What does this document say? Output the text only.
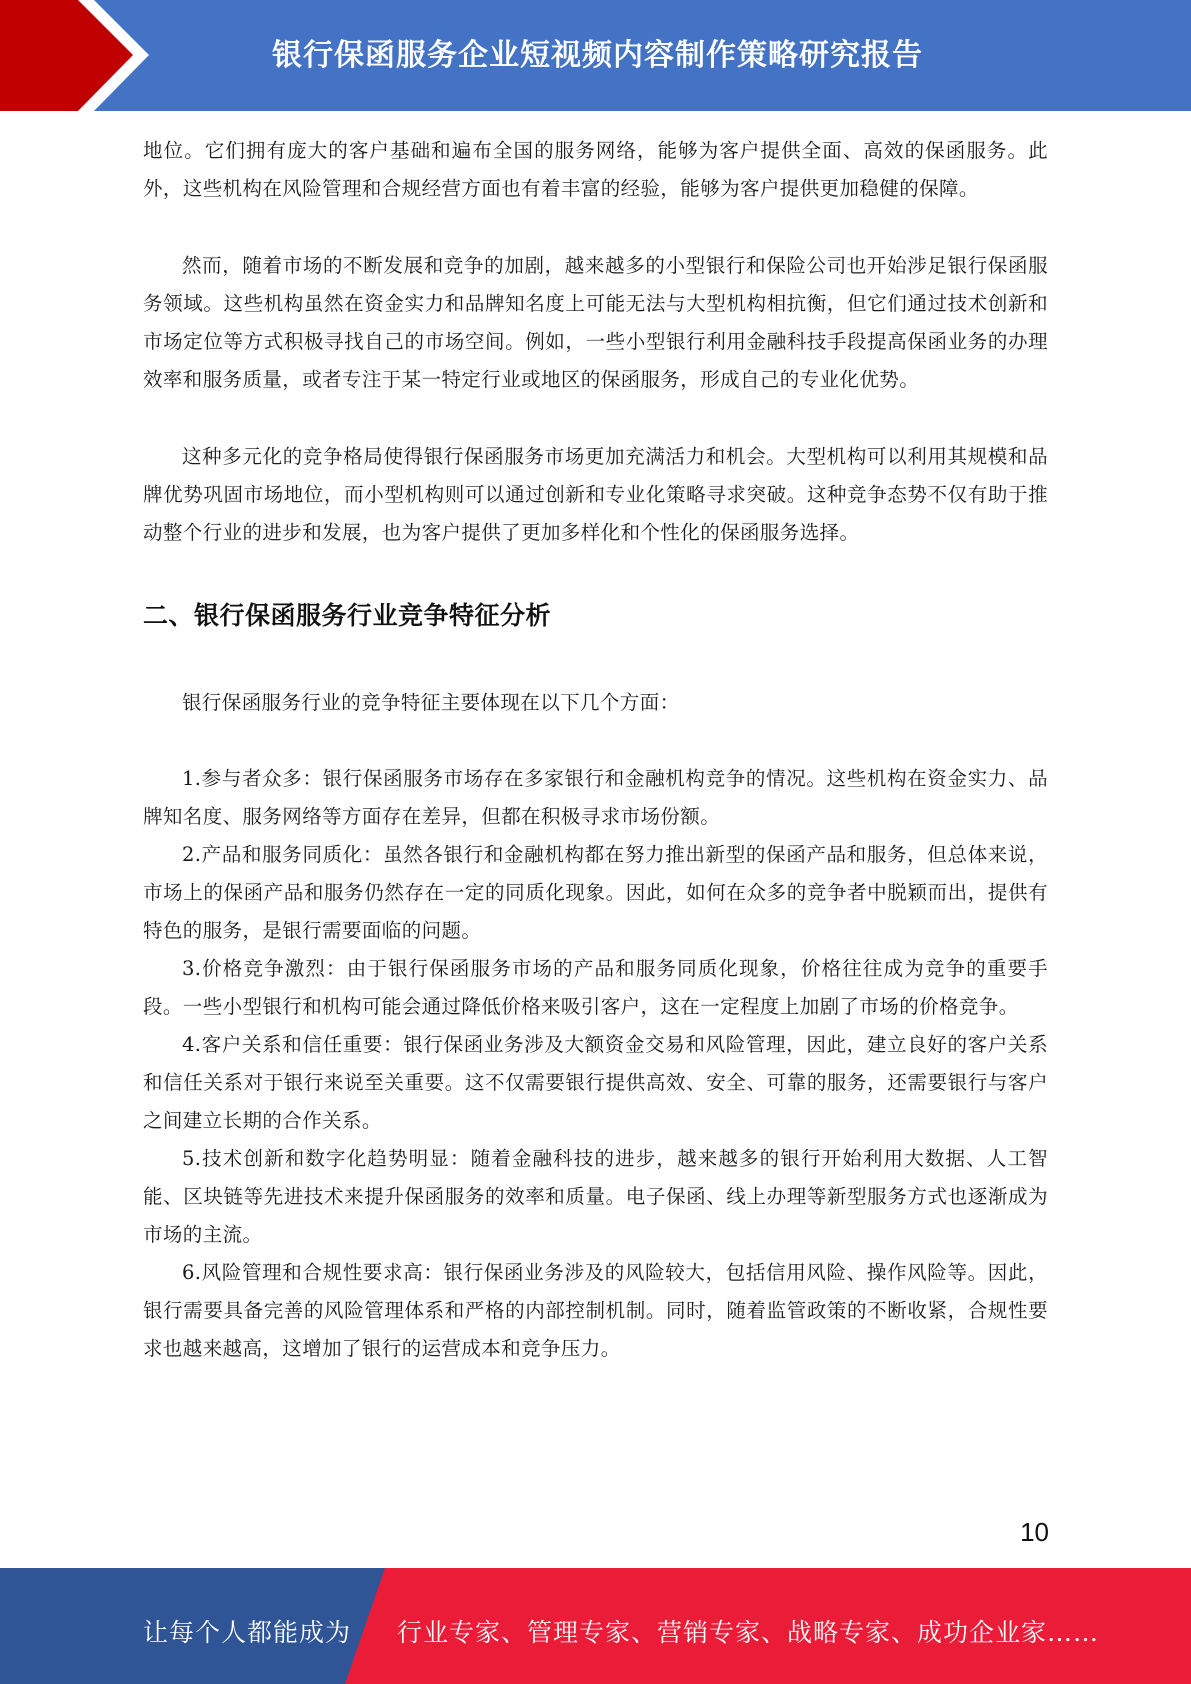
银行保函服务企业短视频内容制作策略研究报告

地位。它们拥有庞大的客户基础和遍布全国的服务网络，能够为客户提供全面、高效的保函服务。此外，这些机构在风险管理和合规经营方面也有着丰富的经验，能够为客户提供更加稳健的保障。

然而，随着市场的不断发展和竞争的加剧，越来越多的小型银行和保险公司也开始涉足银行保函服务领域。这些机构虽然在资金实力和品牌知名度上可能无法与大型机构相抗衡，但它们通过技术创新和市场定位等方式积极寻找自己的市场空间。例如，一些小型银行利用金融科技手段提高保函业务的办理效率和服务质量，或者专注于某一特定行业或地区的保函服务，形成自己的专业化优势。

这种多元化的竞争格局使得银行保函服务市场更加充满活力和机会。大型机构可以利用其规模和品牌优势巩固市场地位，而小型机构则可以通过创新和专业化策略寻求突破。这种竞争态势不仅有助于推动整个行业的进步和发展，也为客户提供了更加多样化和个性化的保函服务选择。

二、银行保函服务行业竞争特征分析

银行保函服务行业的竞争特征主要体现在以下几个方面：

1.参与者众多：银行保函服务市场存在多家银行和金融机构竞争的情况。这些机构在资金实力、品牌知名度、服务网络等方面存在差异，但都在积极寻求市场份额。

2.产品和服务同质化：虽然各银行和金融机构都在努力推出新型的保函产品和服务，但总体来说，市场上的保函产品和服务仍然存在一定的同质化现象。因此，如何在众多的竞争者中脱颖而出，提供有特色的服务，是银行需要面临的问题。

3.价格竞争激烈：由于银行保函服务市场的产品和服务同质化现象，价格往往成为竞争的重要手段。一些小型银行和机构可能会通过降低价格来吸引客户，这在一定程度上加剧了市场的价格竞争。

4.客户关系和信任重要：银行保函业务涉及大额资金交易和风险管理，因此，建立良好的客户关系和信任关系对于银行来说至关重要。这不仅需要银行提供高效、安全、可靠的服务，还需要银行与客户之间建立长期的合作关系。

5.技术创新和数字化趋势明显：随着金融科技的进步，越来越多的银行开始利用大数据、人工智能、区块链等先进技术来提升保函服务的效率和质量。电子保函、线上办理等新型服务方式也逐渐成为市场的主流。

6.风险管理和合规性要求高：银行保函业务涉及的风险较大，包括信用风险、操作风险等。因此，银行需要具备完善的风险管理体系和严格的内部控制机制。同时，随着监管政策的不断收紧，合规性要求也越来越高，这增加了银行的运营成本和竞争压力。

10
让每个人都能成为 行业专家、管理专家、营销专家、战略专家、成功企业家……
